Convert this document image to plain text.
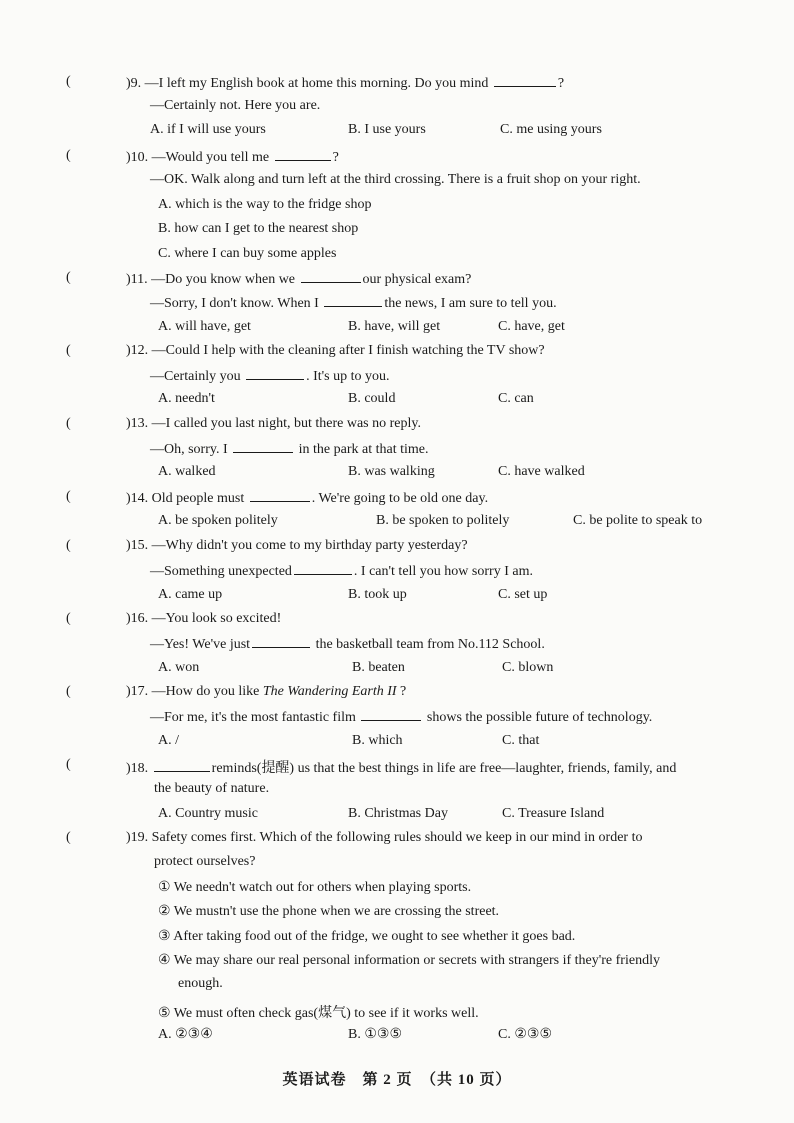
(	)9. —I left my English book at home this morning. Do you mind	?
—Certainly not. Here you are.
A. if I will use yours	B. I use yours	C. me using yours
(	)10. —Would you tell me	?
—OK. Walk along and turn left at the third crossing. There is a fruit shop on your right.
A. which is the way to the fridge shop
B. how can I get to the nearest shop
C. where I can buy some apples
(	)11. —Do you know when we	our physical exam?
—Sorry, I don't know. When I	the news, I am sure to tell you.
A. will have, get	B. have, will get	C. have, get
(	)12. —Could I help with the cleaning after I finish watching the TV show?
—Certainly you	. It's up to you.
A. needn't	B. could	C. can
(	)13. —I called you last night, but there was no reply.
—Oh, sorry. I	in the park at that time.
A. walked	B. was walking	C. have walked
(	)14. Old people must	. We're going to be old one day.
A. be spoken politely	B. be spoken to politely	C. be polite to speak to
(	)15. —Why didn't you come to my birthday party yesterday?
—Something unexpected	. I can't tell you how sorry I am.
A. came up	B. took up	C. set up
(	)16. —You look so excited!
—Yes! We've just	the basketball team from No.112 School.
A. won	B. beaten	C. blown
(	)17. —How do you like The Wandering Earth II ?
—For me, it's the most fantastic film	shows the possible future of technology.
A. /	B. which	C. that
(	)18.	reminds(提醒) us that the best things in life are free—laughter, friends, family, and
the beauty of nature.
A. Country music	B. Christmas Day	C. Treasure Island
(	)19. Safety comes first. Which of the following rules should we keep in our mind in order to
protect ourselves?
① We needn't watch out for others when playing sports.
② We mustn't use the phone when we are crossing the street.
③ After taking food out of the fridge, we ought to see whether it goes bad.
④ We may share our real personal information or secrets with strangers if they're friendly
enough.
⑤ We must often check gas(煤气) to see if it works well.
A. ②③④	B. ①③⑤	C. ②③⑤
英语试卷　第 2 页　（共 10 页）
